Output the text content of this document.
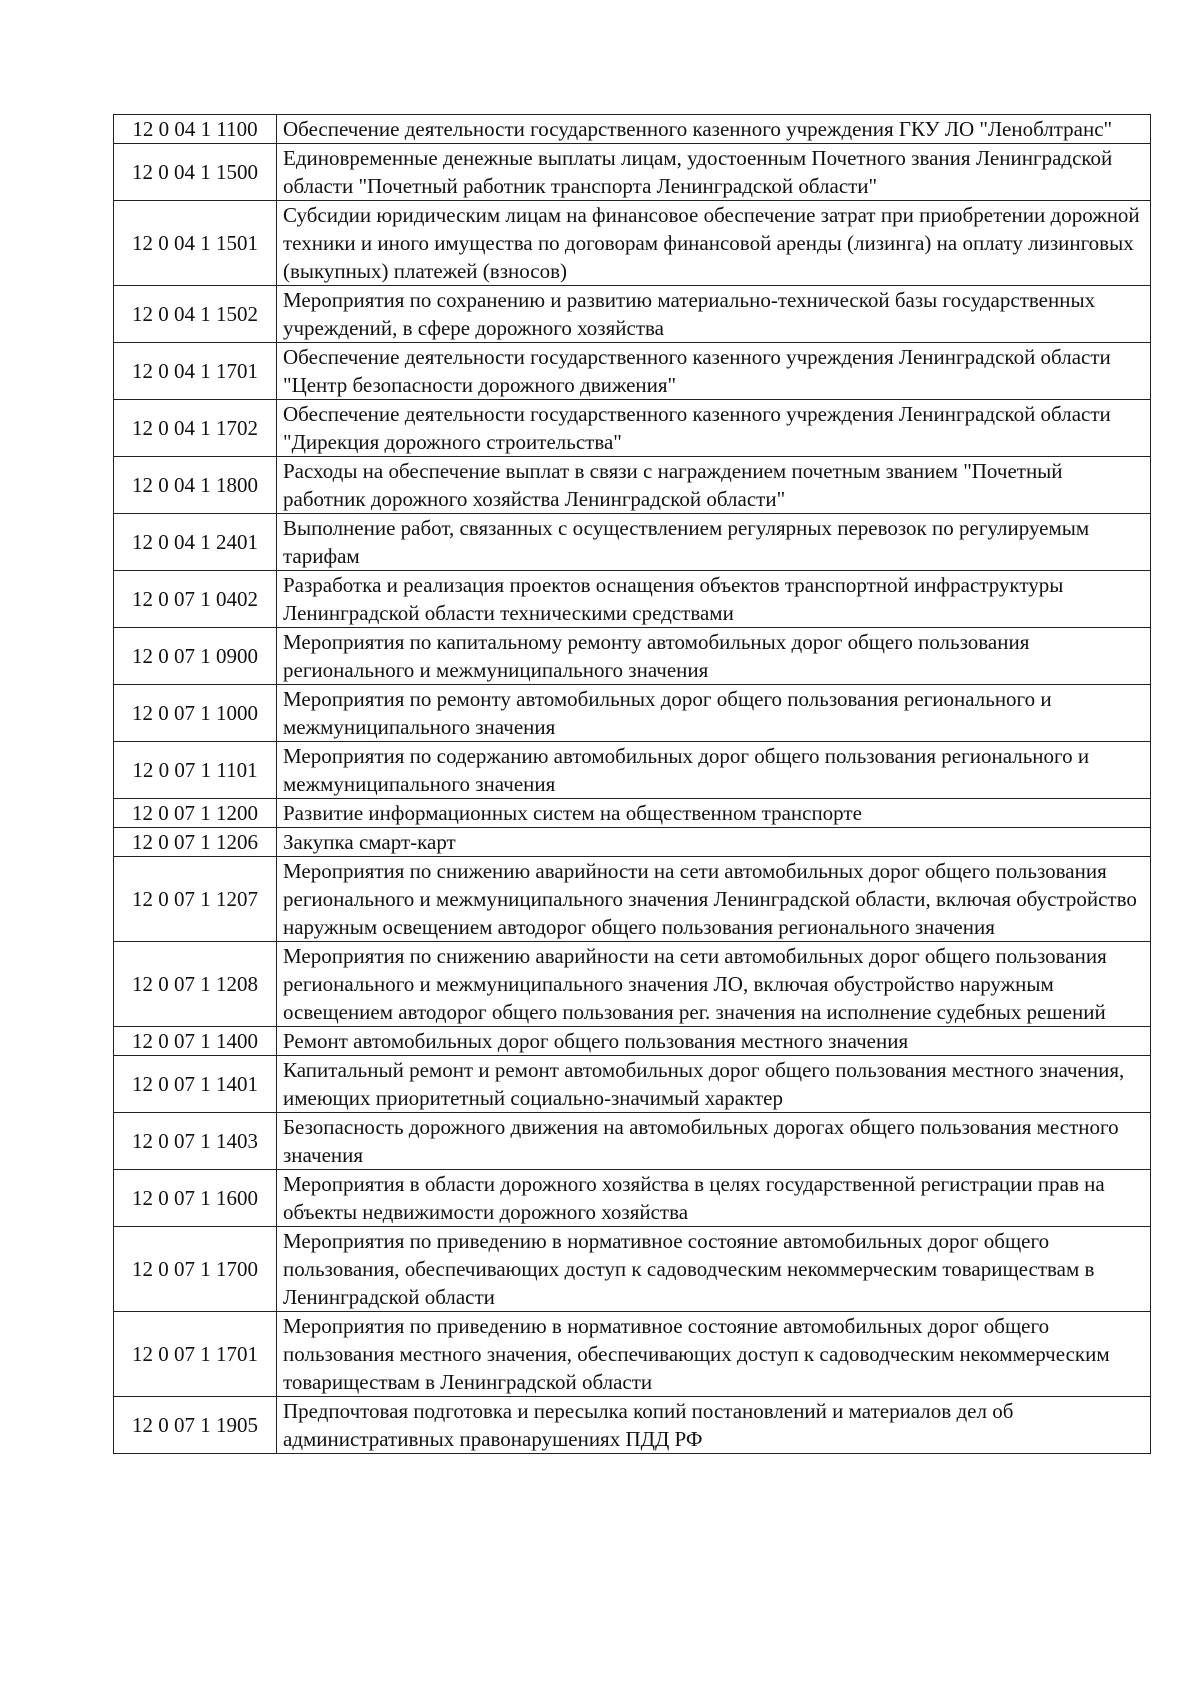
12 0 04 1 1100	Обеспечение деятельности государственного казенного учреждения ГКУ ЛО "Леноблтранс"
12 0 04 1 1500	Единовременные денежные выплаты лицам, удостоенным Почетного звания Ленинградской области "Почетный работник транспорта Ленинградской области"
12 0 04 1 1501	Субсидии юридическим лицам на финансовое обеспечение затрат при приобретении дорожной техники и иного имущества по договорам финансовой аренды (лизинга) на оплату лизинговых (выкупных) платежей (взносов)
12 0 04 1 1502	Мероприятия по сохранению и развитию материально-технической базы государственных учреждений, в сфере дорожного хозяйства
12 0 04 1 1701	Обеспечение деятельности государственного казенного учреждения Ленинградской области "Центр безопасности дорожного движения"
12 0 04 1 1702	Обеспечение деятельности государственного казенного учреждения Ленинградской области "Дирекция дорожного строительства"
12 0 04 1 1800	Расходы на обеспечение выплат в связи с награждением почетным званием "Почетный работник дорожного хозяйства Ленинградской области"
12 0 04 1 2401	Выполнение работ, связанных с осуществлением регулярных перевозок по регулируемым тарифам
12 0 07 1 0402	Разработка и реализация проектов оснащения объектов транспортной инфраструктуры Ленинградской области техническими средствами
12 0 07 1 0900	Мероприятия по капитальному ремонту автомобильных дорог общего пользования регионального и межмуниципального значения
12 0 07 1 1000	Мероприятия по ремонту автомобильных дорог общего пользования регионального и межмуниципального значения
12 0 07 1 1101	Мероприятия по содержанию автомобильных дорог общего пользования регионального и межмуниципального значения
12 0 07 1 1200	Развитие информационных систем на общественном транспорте
12 0 07 1 1206	Закупка смарт-карт
12 0 07 1 1207	Мероприятия по снижению аварийности на сети автомобильных дорог общего пользования регионального и межмуниципального значения Ленинградской области, включая обустройство наружным освещением автодорог общего пользования регионального значения
12 0 07 1 1208	Мероприятия по снижению аварийности на сети автомобильных дорог общего пользования регионального и межмуниципального значения ЛО, включая обустройство наружным освещением автодорог общего пользования рег. значения на исполнение судебных решений
12 0 07 1 1400	Ремонт автомобильных дорог общего пользования местного значения
12 0 07 1 1401	Капитальный ремонт и ремонт автомобильных дорог общего пользования местного значения, имеющих приоритетный социально-значимый характер
12 0 07 1 1403	Безопасность дорожного движения на автомобильных дорогах общего пользования местного значения
12 0 07 1 1600	Мероприятия в области дорожного хозяйства в целях государственной регистрации прав на объекты недвижимости дорожного хозяйства
12 0 07 1 1700	Мероприятия по приведению в нормативное состояние автомобильных дорог общего пользования, обеспечивающих доступ к садоводческим некоммерческим товариществам в Ленинградской области
12 0 07 1 1701	Мероприятия по приведению в нормативное состояние автомобильных дорог общего пользования местного значения, обеспечивающих доступ к садоводческим некоммерческим товариществам в Ленинградской области
12 0 07 1 1905	Предпочтовая подготовка и пересылка копий постановлений и материалов дел об административных правонарушениях ПДД РФ
